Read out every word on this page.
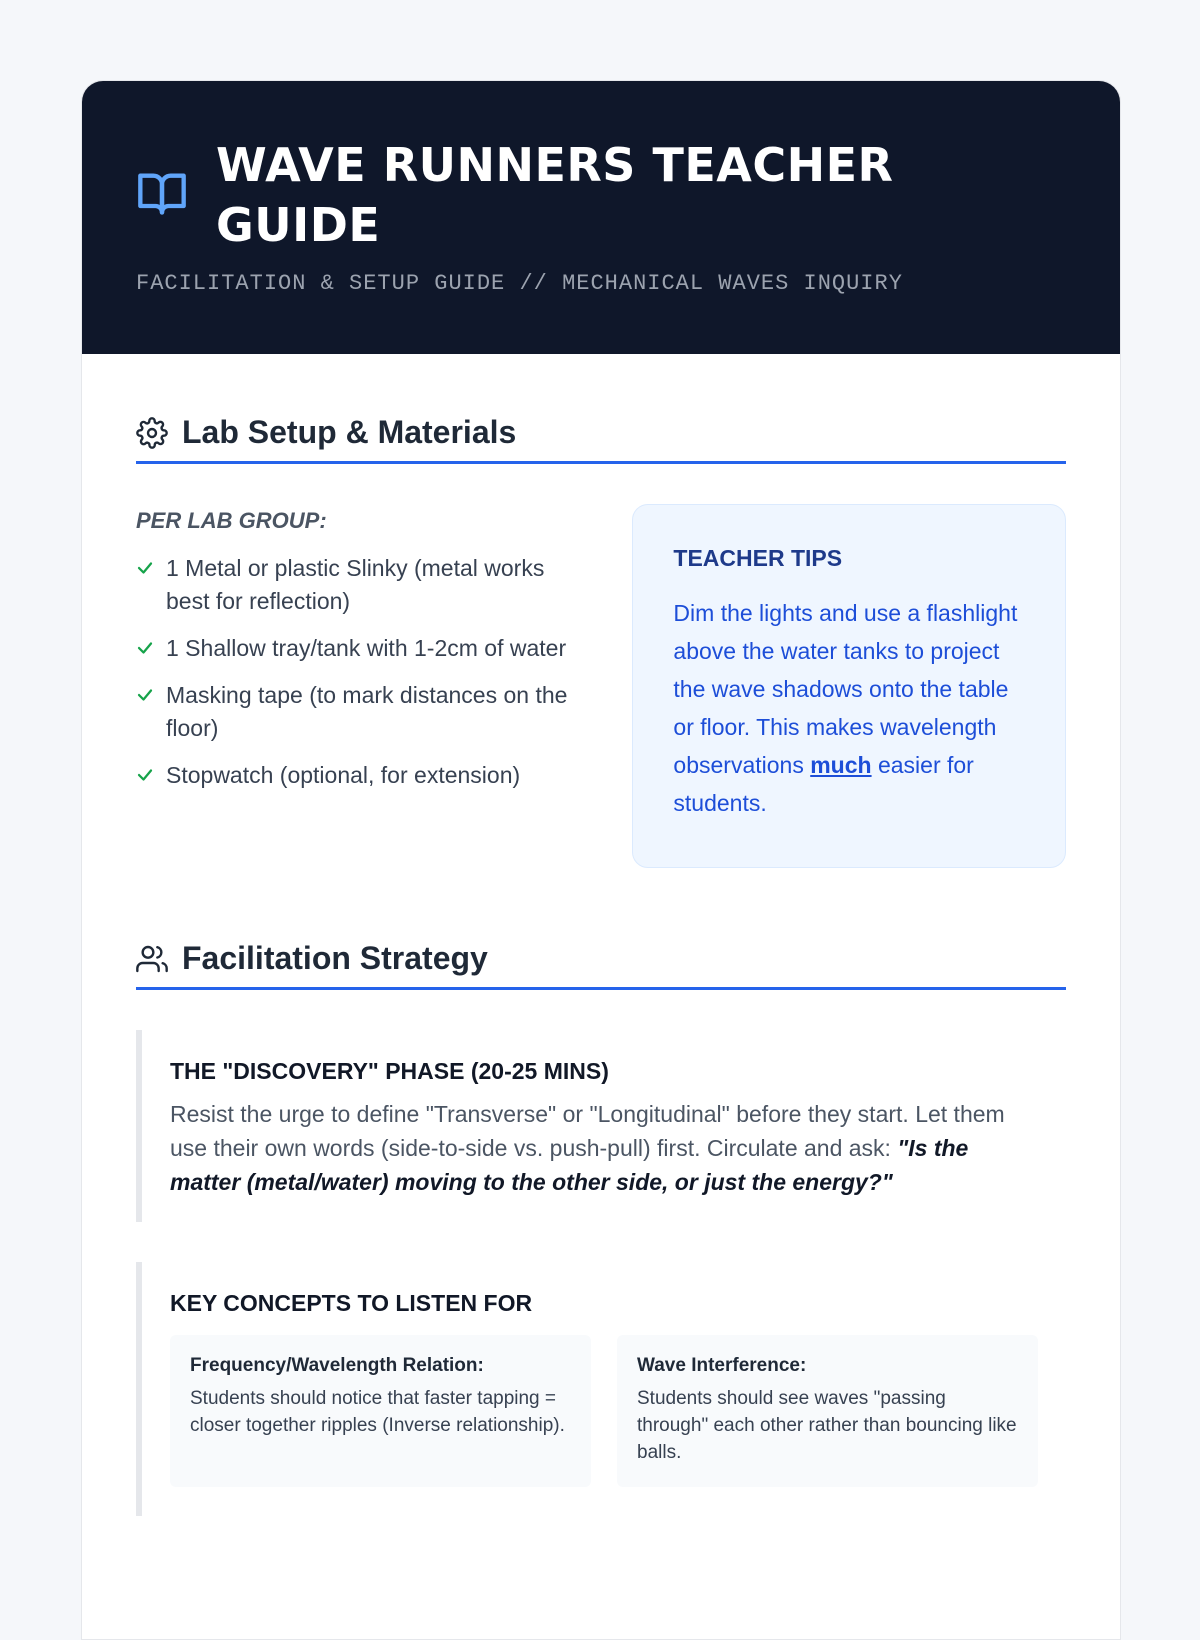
WAVE RUNNERS TEACHER GUIDE
FACILITATION & SETUP GUIDE // MECHANICAL WAVES INQUIRY
Lab Setup & Materials
PER LAB GROUP:
1 Metal or plastic Slinky (metal works best for reflection)
1 Shallow tray/tank with 1-2cm of water
Masking tape (to mark distances on the floor)
Stopwatch (optional, for extension)
TEACHER TIPS

Dim the lights and use a flashlight above the water tanks to project the wave shadows onto the table or floor. This makes wavelength observations much easier for students.

Facilitation Strategy
THE "DISCOVERY" PHASE (20-25 MINS)

Resist the urge to define "Transverse" or "Longitudinal" before they start. Let them use their own words (side-to-side vs. push-pull) first. Circulate and ask: "Is the matter (metal/water) moving to the other side, or just the energy?"

KEY CONCEPTS TO LISTEN FOR
Frequency/Wavelength Relation:
Students should notice that faster tapping = closer together ripples (Inverse relationship).
Wave Interference:
Students should see waves "passing through" each other rather than bouncing like balls.
